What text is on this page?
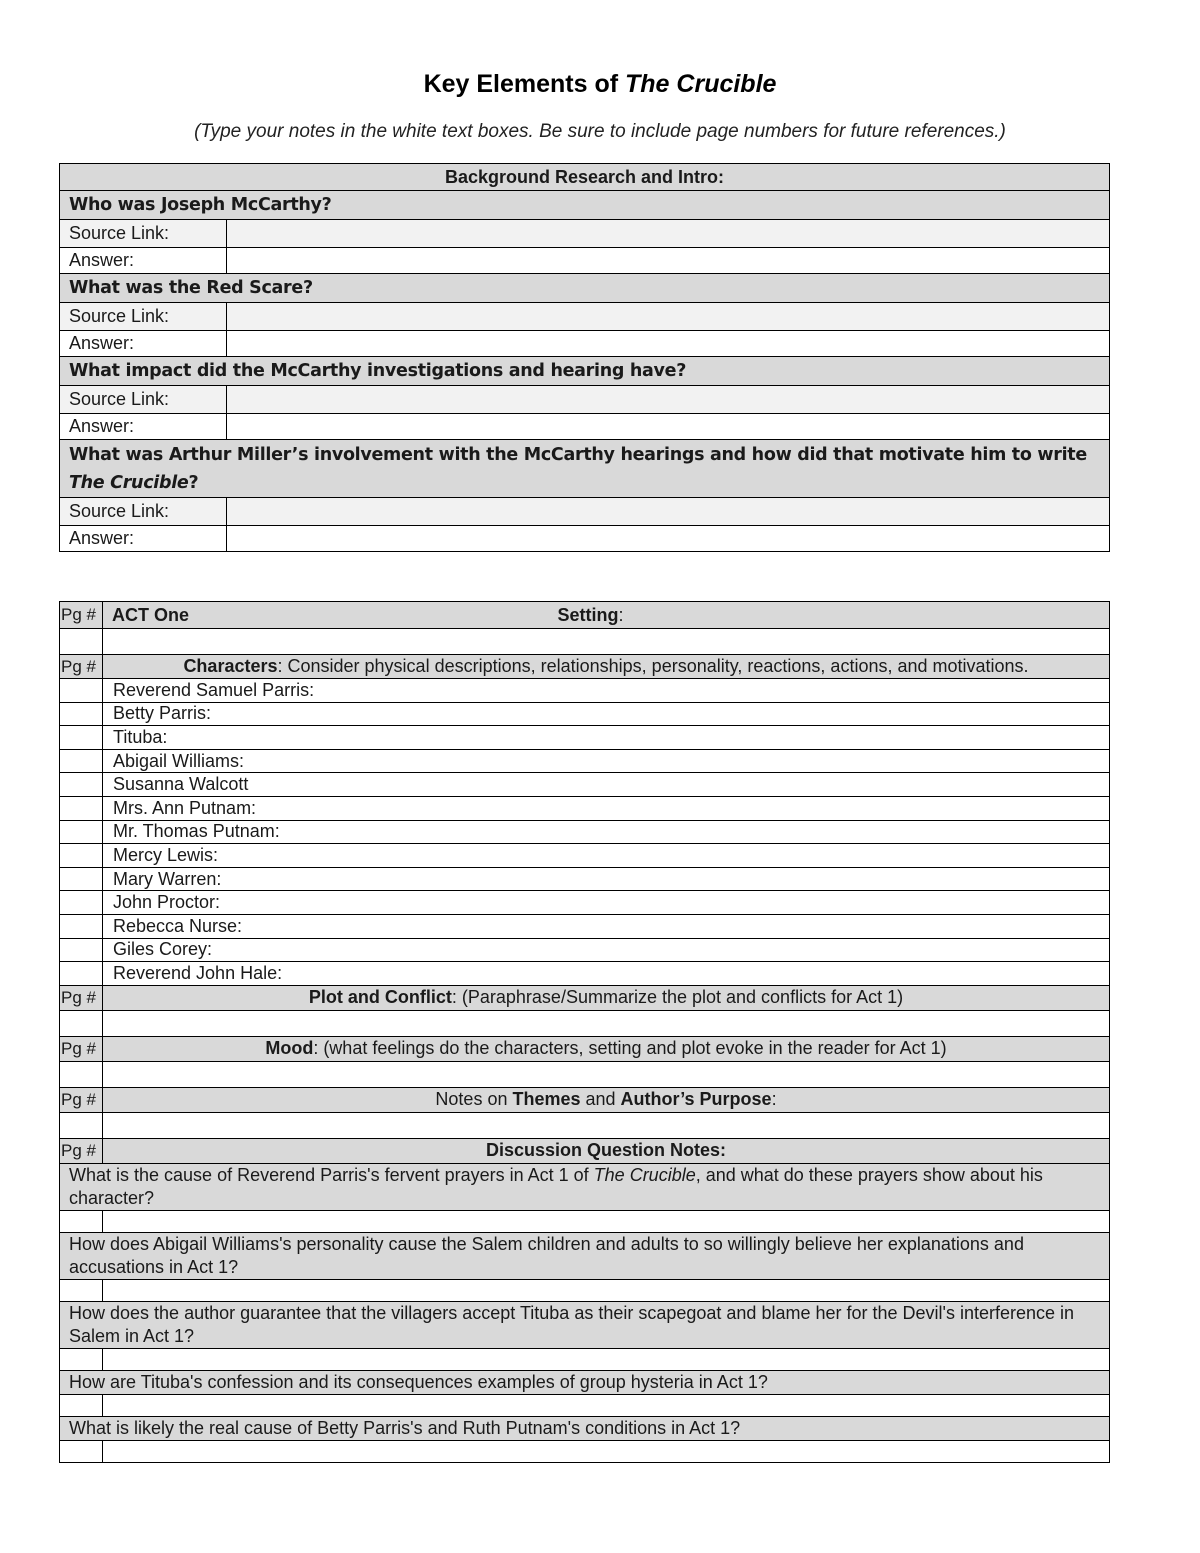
Key Elements of The Crucible
(Type your notes in the white text boxes. Be sure to include page numbers for future references.)
Background Research and Intro:	
Who was Joseph McCarthy?	
Source Link:	
Answer:	
What was the Red Scare?	
Source Link:	
Answer:	
What impact did the McCarthy investigations and hearing have?	
Source Link:	
Answer:	
What was Arthur Miller’s involvement with the McCarthy hearings and how did that motivate him to write The Crucible?	
Source Link:	
Answer:	
Pg #	ACT One Setting:

Pg #	Characters: Consider physical descriptions, relationships, personality, reactions, actions, and motivations.
	Reverend Samuel Parris:
	Betty Parris:
	Tituba:
	Abigail Williams:
	Susanna Walcott
	Mrs. Ann Putnam:
	Mr. Thomas Putnam:
	Mercy Lewis:
	Mary Warren:
	John Proctor:
	Rebecca Nurse:
	Giles Corey:
	Reverend John Hale:
Pg #	Plot and Conflict: (Paraphrase/Summarize the plot and conflicts for Act 1)

Pg #	Mood: (what feelings do the characters, setting and plot evoke in the reader for Act 1)

Pg #	Notes on Themes and Author’s Purpose:

Pg #	Discussion Question Notes:
What is the cause of Reverend Parris's fervent prayers in Act 1 of The Crucible, and what do these prayers show about his character?	

How does Abigail Williams's personality cause the Salem children and adults to so willingly believe her explanations and accusations in Act 1?	

How does the author guarantee that the villagers accept Tituba as their scapegoat and blame her for the Devil's interference in Salem in Act 1?	

How are Tituba's confession and its consequences examples of group hysteria in Act 1?	

What is likely the real cause of Betty Parris's and Ruth Putnam's conditions in Act 1?	
